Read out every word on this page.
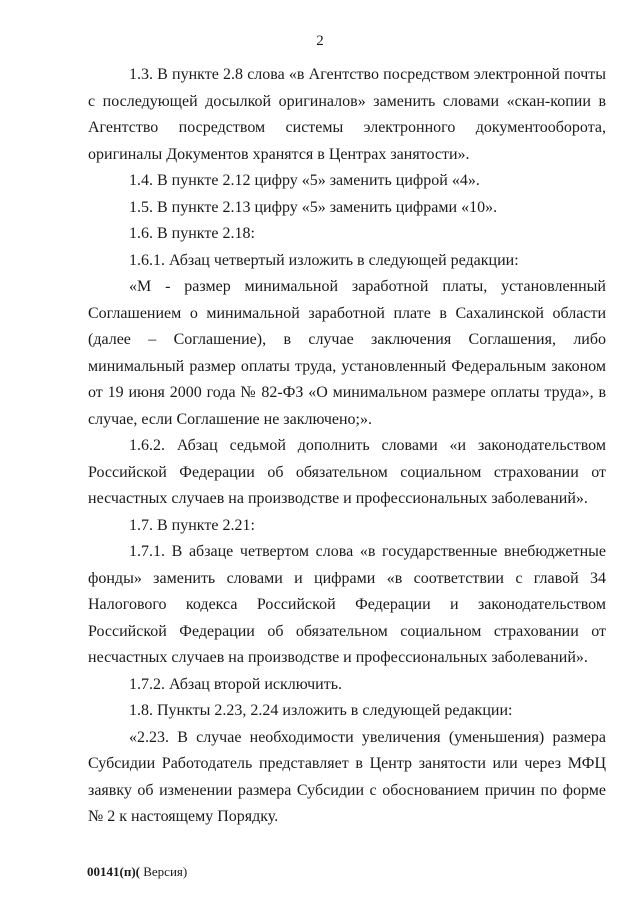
2

1.3. В пункте 2.8 слова «в Агентство посредством электронной почты с последующей досылкой оригиналов» заменить словами «скан-копии в Агентство посредством системы электронного документооборота, оригиналы Документов хранятся в Центрах занятости».

1.4. В пункте 2.12 цифру «5» заменить цифрой «4».

1.5. В пункте 2.13 цифру «5» заменить цифрами «10».

1.6. В пункте 2.18:

1.6.1. Абзац четвертый изложить в следующей редакции:

«М - размер минимальной заработной платы, установленный Соглашением о минимальной заработной плате в Сахалинской области (далее – Соглашение), в случае заключения Соглашения, либо минимальный размер оплаты труда, установленный Федеральным законом от 19 июня 2000 года № 82-ФЗ «О минимальном размере оплаты труда», в случае, если Соглашение не заключено;».

1.6.2. Абзац седьмой дополнить словами «и законодательством Российской Федерации об обязательном социальном страховании от несчастных случаев на производстве и профессиональных заболеваний».

1.7. В пункте 2.21:

1.7.1. В абзаце четвертом слова «в государственные внебюджетные фонды» заменить словами и цифрами «в соответствии с главой 34 Налогового кодекса Российской Федерации и законодательством Российской Федерации об обязательном социальном страховании от несчастных случаев на производстве и профессиональных заболеваний».

1.7.2. Абзац второй исключить.

1.8. Пункты 2.23, 2.24 изложить в следующей редакции:

«2.23. В случае необходимости увеличения (уменьшения) размера Субсидии Работодатель представляет в Центр занятости или через МФЦ заявку об изменении размера Субсидии с обоснованием причин по форме № 2 к настоящему Порядку.

00141(п)( Версия)
